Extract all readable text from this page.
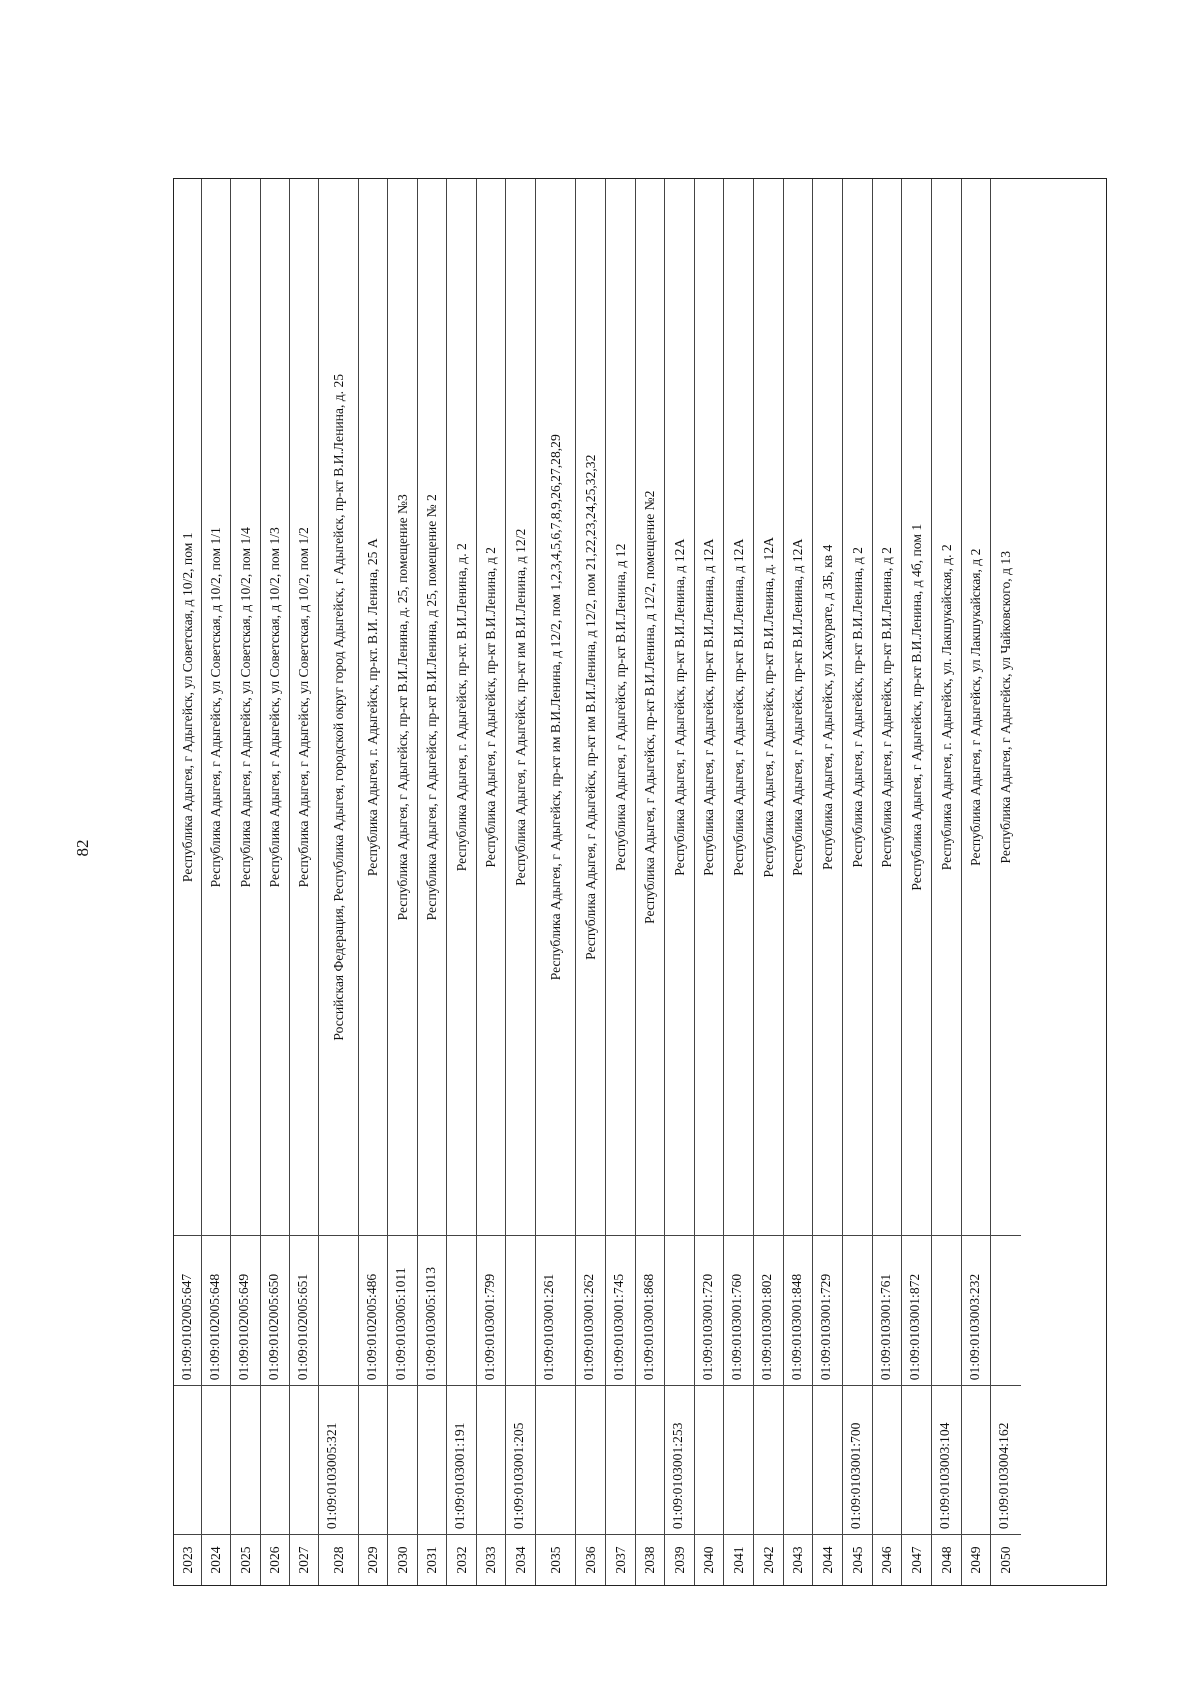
82
2023
01:09:0102005:647
Республика Адыгея, г Адыгейск, ул Советская, д 10/2, пом 1
2024
01:09:0102005:648
Республика Адыгея, г Адыгейск, ул Советская, д 10/2, пом 1/1
2025
01:09:0102005:649
Республика Адыгея, г Адыгейск, ул Советская, д 10/2, пом 1/4
2026
01:09:0102005:650
Республика Адыгея, г Адыгейск, ул Советская, д 10/2, пом 1/3
2027
01:09:0102005:651
Республика Адыгея, г Адыгейск, ул Советская, д 10/2, пом 1/2
2028
01:09:0103005:321
Российская Федерация, Республика Адыгея, городской округ город Адыгейск, г Адыгейск, пр-кт В.И.Ленина, д. 25
2029
01:09:0102005:486
Республика Адыгея, г. Адыгейск, пр-кт. В.И. Ленина, 25 А
2030
01:09:0103005:1011
Республика Адыгея, г Адыгейск, пр-кт В.И.Ленина, д. 25, помещение №3
2031
01:09:0103005:1013
Республика Адыгея, г Адыгейск, пр-кт В.И.Ленина, д 25, помещение № 2
2032
01:09:0103001:191
Республика Адыгея, г. Адыгейск, пр-кт. В.И.Ленина, д. 2
2033
01:09:0103001:799
Республика Адыгея, г Адыгейск, пр-кт В.И.Ленина, д 2
2034
01:09:0103001:205
Республика Адыгея, г Адыгейск, пр-кт им В.И.Ленина, д 12/2
2035
01:09:0103001:261
Республика Адыгея, г Адыгейск, пр-кт им В.И.Ленина, д 12/2, пом 1,2,3,4,5,6,7,8,9,26,27,28,29
2036
01:09:0103001:262
Республика Адыгея, г Адыгейск, пр-кт им В.И.Ленина, д 12/2, пом 21,22,23,24,25,32,32
2037
01:09:0103001:745
Республика Адыгея, г Адыгейск, пр-кт В.И.Ленина, д 12
2038
01:09:0103001:868
Республика Адыгея, г Адыгейск, пр-кт В.И.Ленина, д 12/2, помещение №2
2039
01:09:0103001:253
Республика Адыгея, г Адыгейск, пр-кт В.И.Ленина, д 12А
2040
01:09:0103001:720
Республика Адыгея, г Адыгейск, пр-кт В.И.Ленина, д 12А
2041
01:09:0103001:760
Республика Адыгея, г Адыгейск, пр-кт В.И.Ленина, д 12А
2042
01:09:0103001:802
Республика Адыгея, г Адыгейск, пр-кт В.И.Ленина, д. 12А
2043
01:09:0103001:848
Республика Адыгея, г Адыгейск, пр-кт В.И.Ленина, д 12А
2044
01:09:0103001:729
Республика Адыгея, г Адыгейск, ул Хакурате, д 3Б, кв 4
2045
01:09:0103001:700
Республика Адыгея, г Адыгейск, пр-кт В.И.Ленина, д 2
2046
01:09:0103001:761
Республика Адыгея, г Адыгейск, пр-кт В.И.Ленина, д 2
2047
01:09:0103001:872
Республика Адыгея, г Адыгейск, пр-кт В.И.Ленина, д 4б, пом 1
2048
01:09:0103003:104
Республика Адыгея, г. Адыгейск, ул. Лакшукайская, д. 2
2049
01:09:0103003:232
Республика Адыгея, г Адыгейск, ул Лакшукайская, д 2
2050
01:09:0103004:162
Республика Адыгея, г Адыгейск, ул Чайковского, д 13
